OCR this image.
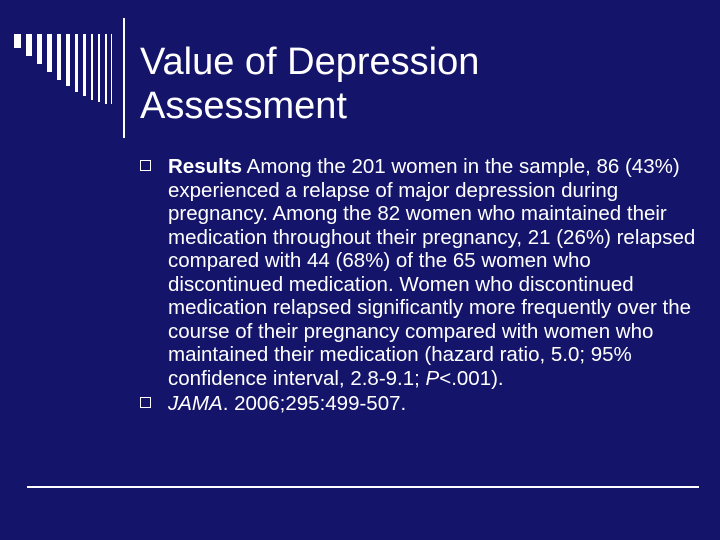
Value of Depression
Assessment

Results Among the 201 women in the sample, 86 (43%) experienced a relapse of major depression during pregnancy. Among the 82 women who maintained their medication throughout their pregnancy, 21 (26%) relapsed compared with 44 (68%) of the 65 women who discontinued medication. Women who discontinued medication relapsed significantly more frequently over the course of their pregnancy compared with women who maintained their medication (hazard ratio, 5.0; 95% confidence interval, 2.8-9.1; P<.001).

JAMA. 2006;295:499-507.
